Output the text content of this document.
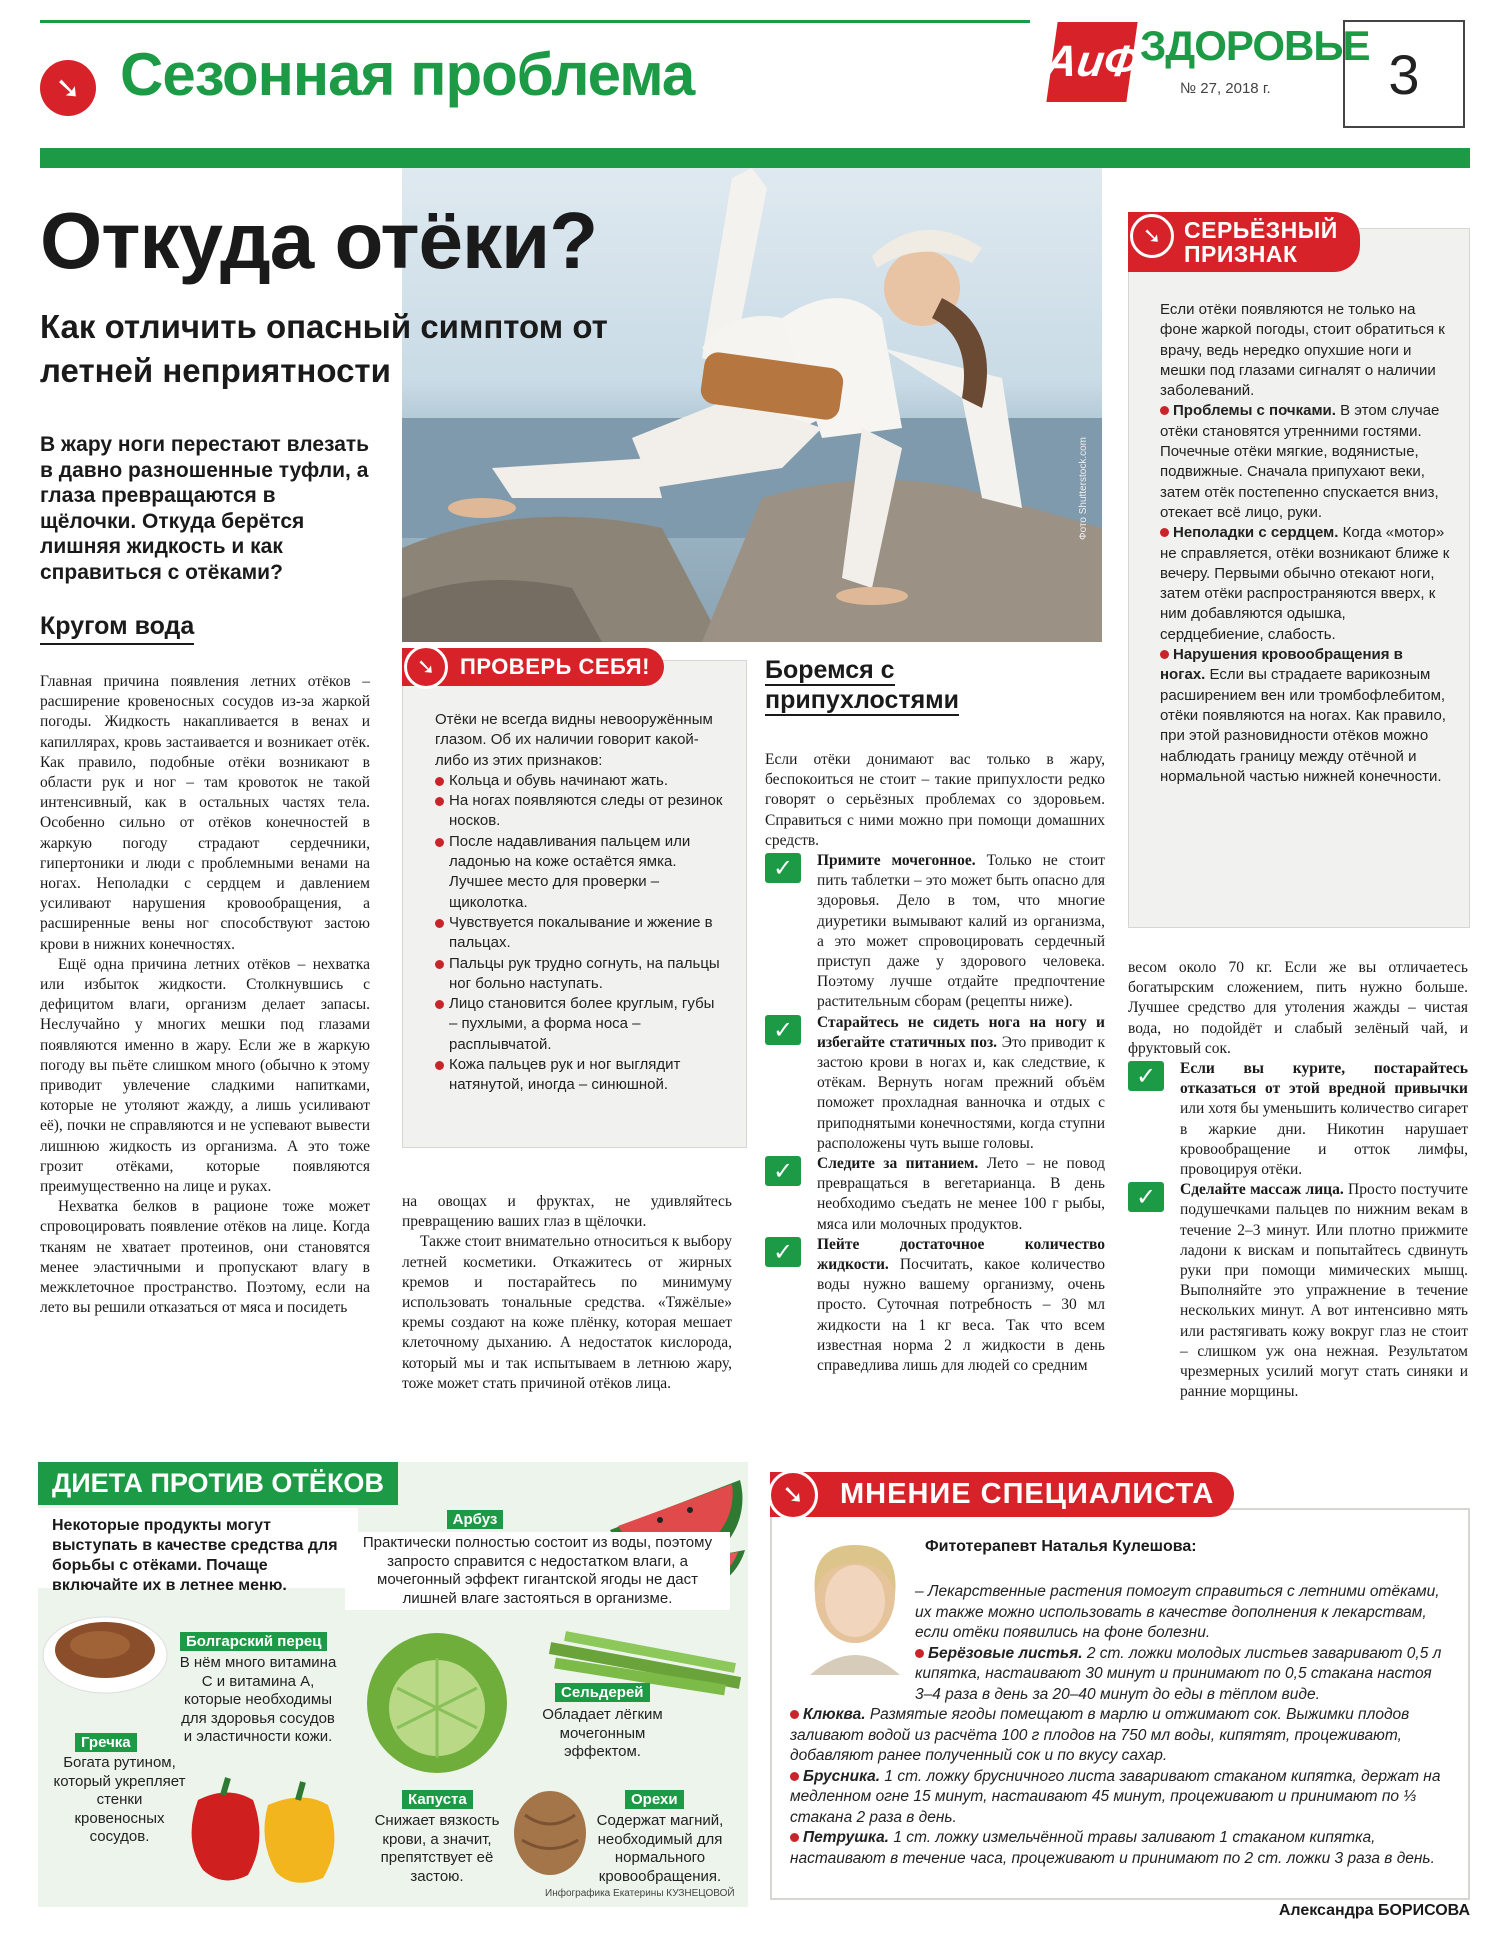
➘ Сезонная проблема	АиФ
ЗДОРОВЬЕ
№ 27, 2018 г.	3
Фото Shutterstock.com
Откуда отёки?
Как отличить опасный симптом от летней неприятности
В жару ноги перестают влезать в давно разношенные туфли, а глаза превращаются в щёлочки. Откуда берётся лишняя жидкость и как справиться с отёками?
Кругом вода

Главная причина появления летних отёков – расширение кровеносных сосудов из-за жаркой погоды. Жидкость накапливается в венах и капиллярах, кровь застаивается и возникает отёк. Как правило, подобные отёки возникают в области рук и ног – там кровоток не такой интенсивный, как в остальных частях тела. Особенно сильно от отёков конечностей в жаркую погоду страдают сердечники, гипертоники и люди с проблемными венами на ногах. Неполадки с сердцем и давлением усиливают нарушения кровообращения, а расширенные вены ног способствуют застою крови в нижних конечностях.

Ещё одна причина летних отёков – нехватка или избыток жидкости. Столкнувшись с дефицитом влаги, организм делает запасы. Неслучайно у многих мешки под глазами появляются именно в жару. Если же в жаркую погоду вы пьёте слишком много (обычно к этому приводит увлечение сладкими напитками, которые не утоляют жажду, а лишь усиливают её), почки не справляются и не успевают вывести лишнюю жидкость из организма. А это тоже грозит отёками, которые появляются преимущественно на лице и руках.

Нехватка белков в рационе тоже может спровоцировать появление отёков на лице. Когда тканям не хватает протеинов, они становятся менее эластичными и пропускают влагу в межклеточное пространство. Поэтому, если на лето вы решили отказаться от мяса и посидеть

ПРОВЕРЬ СЕБЯ!
➘
Отёки не всегда видны невооружённым глазом. Об их наличии говорит какой-либо из этих признаков:
Кольца и обувь начинают жать.
На ногах появляются следы от резинок носков.
После надавливания пальцем или ладонью на коже остаётся ямка. Лучшее место для проверки – щиколотка.
Чувствуется покалывание и жжение в пальцах.
Пальцы рук трудно согнуть, на пальцы ног больно наступать.
Лицо становится более круглым, губы – пухлыми, а форма носа – расплывчатой.
Кожа пальцев рук и ног выглядит натянутой, иногда – синюшной.

на овощах и фруктах, не удивляйтесь превращению ваших глаз в щёлочки.

Также стоит внимательно относиться к выбору летней косметики. Откажитесь от жирных кремов и постарайтесь по минимуму использовать тональные средства. «Тяжёлые» кремы создают на коже плёнку, которая мешает клеточному дыханию. А недостаток кислорода, который мы и так испытываем в летнюю жару, тоже может стать причиной отёков лица.

Боремся с припухлостями

Если отёки донимают вас только в жару, беспокоиться не стоит – такие припухлости редко говорят о серьёзных проблемах со здоровьем. Справиться с ними можно при помощи домашних средств.

✓	Примите мочегонное. Только не стоит пить таблетки – это может быть опасно для здоровья. Дело в том, что многие диуретики вымывают калий из организма, а это может спровоцировать сердечный приступ даже у здорового человека. Поэтому лучше отдайте предпочтение растительным сборам (рецепты ниже).

✓	Старайтесь не сидеть нога на ногу и избегайте статичных поз. Это приводит к застою крови в ногах и, как следствие, к отёкам. Вернуть ногам прежний объём поможет прохладная ванночка и отдых с приподнятыми конечностями, когда ступни расположены чуть выше головы.

✓	Следите за питанием. Лето – не повод превращаться в вегетарианца. В день необходимо съедать не менее 100 г рыбы, мяса или молочных продуктов.

✓	Пейте достаточное количество жидкости. Посчитать, какое количество воды нужно вашему организму, очень просто. Суточная потребность – 30 мл жидкости на 1 кг веса. Так что всем известная норма 2 л жидкости в день справедлива лишь для людей со средним

СЕРЬЁЗНЫЙ
ПРИЗНАК
➘
Если отёки появляются не только на фоне жаркой погоды, стоит обратиться к врачу, ведь нередко опухшие ноги и мешки под глазами сигналят о наличии заболеваний.
Проблемы с почками. В этом случае отёки становятся утренними гостями. Почечные отёки мягкие, водянистые, подвижные. Сначала припухают веки, затем отёк постепенно спускается вниз, отекает всё лицо, руки.
Неполадки с сердцем. Когда «мотор» не справляется, отёки возникают ближе к вечеру. Первыми обычно отекают ноги, затем отёки распространяются вверх, к ним добавляются одышка, сердцебиение, слабость.
Нарушения кровообращения в ногах. Если вы страдаете варикозным расширением вен или тромбофлебитом, отёки появляются на ногах. Как правило, при этой разновидности отёков можно наблюдать границу между отёчной и нормальной частью нижней конечности.

весом около 70 кг. Если же вы отличаетесь богатырским сложением, пить нужно больше. Лучшее средство для утоления жажды – чистая вода, но подойдёт и слабый зелёный чай, и фруктовый сок.

✓	Если вы курите, постарайтесь отказаться от этой вредной привычки или хотя бы уменьшить количество сигарет в жаркие дни. Никотин нарушает кровообращение и отток лимфы, провоцируя отёки.

✓	Сделайте массаж лица. Просто постучите подушечками пальцев по нижним векам в течение 2–3 минут. Или плотно прижмите ладони к вискам и попытайтесь сдвинуть руки при помощи мимических мышц. Выполняйте это упражнение в течение нескольких минут. А вот интенсивно мять или растягивать кожу вокруг глаз не стоит – слишком уж она нежная. Результатом чрезмерных усилий могут стать синяки и ранние морщины.

ДИЕТА ПРОТИВ ОТЁКОВ
Некоторые продукты могут выступать в качестве средства для борьбы с отёками. Почаще включайте их в летнее меню.
Арбуз
Практически полностью состоит из воды, поэтому запросто справится с недостатком влаги, а мочегонный эффект гигантской ягоды не даст лишней влаге застояться в организме.
Болгарский перец
В нём много витамина С и витамина А, которые необходимы для здоровья сосудов и эластичности кожи.
Гречка
Богата рутином, который укрепляет стенки кровеносных сосудов.
Капуста
Снижает вязкость крови, а значит, препятствует её застою.
Сельдерей
Обладает лёгким мочегонным эффектом.
Орехи
Содержат магний, необходимый для нормального кровообращения.
Инфографика Екатерины КУЗНЕЦОВОЙ
МНЕНИЕ СПЕЦИАЛИСТА
➘
Фитотерапевт Наталья Кулешова:
– Лекарственные растения помогут справиться с летними отёками, их также можно использовать в качестве дополнения к лекарствам, если отёки появились на фоне болезни.
Берёзовые листья. 2 ст. ложки молодых листьев заваривают 0,5 л кипятка, настаивают 30 минут и принимают по 0,5 стакана настоя 3–4 раза в день за 20–40 минут до еды в тёплом виде.
Клюква. Размятые ягоды помещают в марлю и отжимают сок. Выжимки плодов заливают водой из расчёта 100 г плодов на 750 мл воды, кипятят, процеживают, добавляют ранее полученный сок и по вкусу сахар.
Брусника. 1 ст. ложку брусничного листа заваривают стаканом кипятка, держат на медленном огне 15 минут, настаивают 45 минут, процеживают и принимают по ⅓ стакана 2 раза в день.
Петрушка. 1 ст. ложку измельчённой травы заливают 1 стаканом кипятка, настаивают в течение часа, процеживают и принимают по 2 ст. ложки 3 раза в день.
Александра БОРИСОВА
